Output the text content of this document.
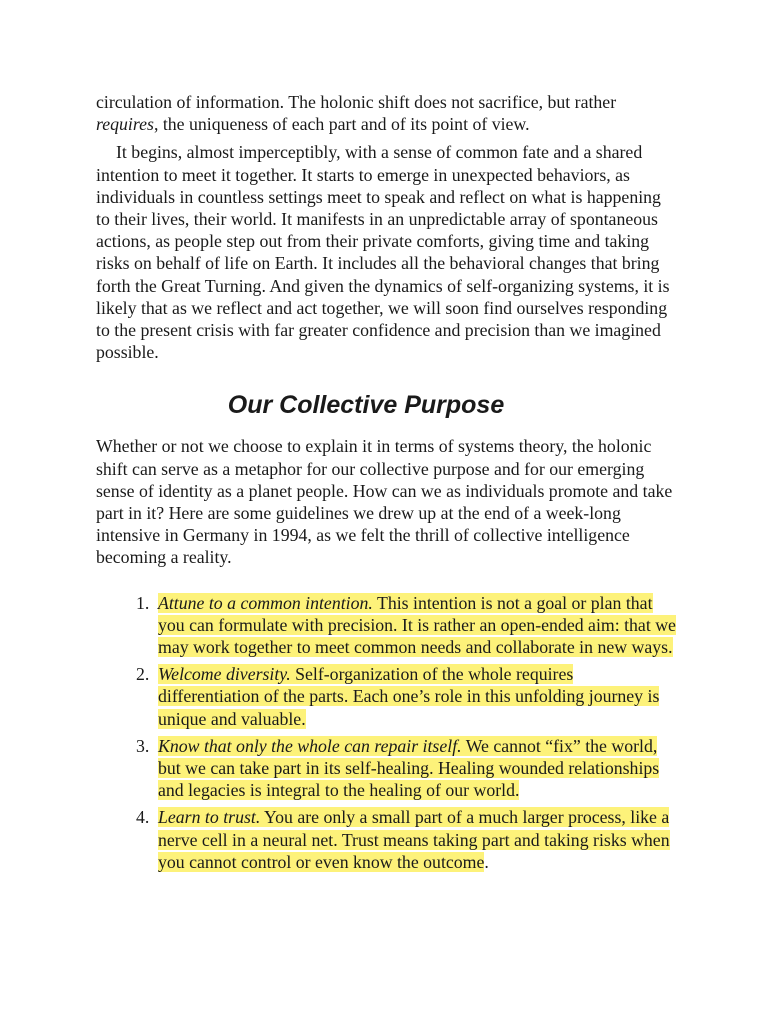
circulation of information. The holonic shift does not sacrifice, but rather requires, the uniqueness of each part and of its point of view.

It begins, almost imperceptibly, with a sense of common fate and a shared intention to meet it together. It starts to emerge in unexpected behaviors, as individuals in countless settings meet to speak and reflect on what is happening to their lives, their world. It manifests in an unpredictable array of spontaneous actions, as people step out from their private comforts, giving time and taking risks on behalf of life on Earth. It includes all the behavioral changes that bring forth the Great Turning. And given the dynamics of self-organizing systems, it is likely that as we reflect and act together, we will soon find ourselves responding to the present crisis with far greater confidence and precision than we imagined possible.

Our Collective Purpose

Whether or not we choose to explain it in terms of systems theory, the holonic shift can serve as a metaphor for our collective purpose and for our emerging sense of identity as a planet people. How can we as individuals promote and take part in it? Here are some guidelines we drew up at the end of a week-long intensive in Germany in 1994, as we felt the thrill of collective intelligence becoming a reality.

1. Attune to a common intention. This intention is not a goal or plan that you can formulate with precision. It is rather an open-ended aim: that we may work together to meet common needs and collaborate in new ways.
2. Welcome diversity. Self-organization of the whole requires differentiation of the parts. Each one’s role in this unfolding journey is unique and valuable.
3. Know that only the whole can repair itself. We cannot “fix” the world, but we can take part in its self-healing. Healing wounded relationships and legacies is integral to the healing of our world.
4. Learn to trust. You are only a small part of a much larger process, like a nerve cell in a neural net. Trust means taking part and taking risks when you cannot control or even know the outcome.
